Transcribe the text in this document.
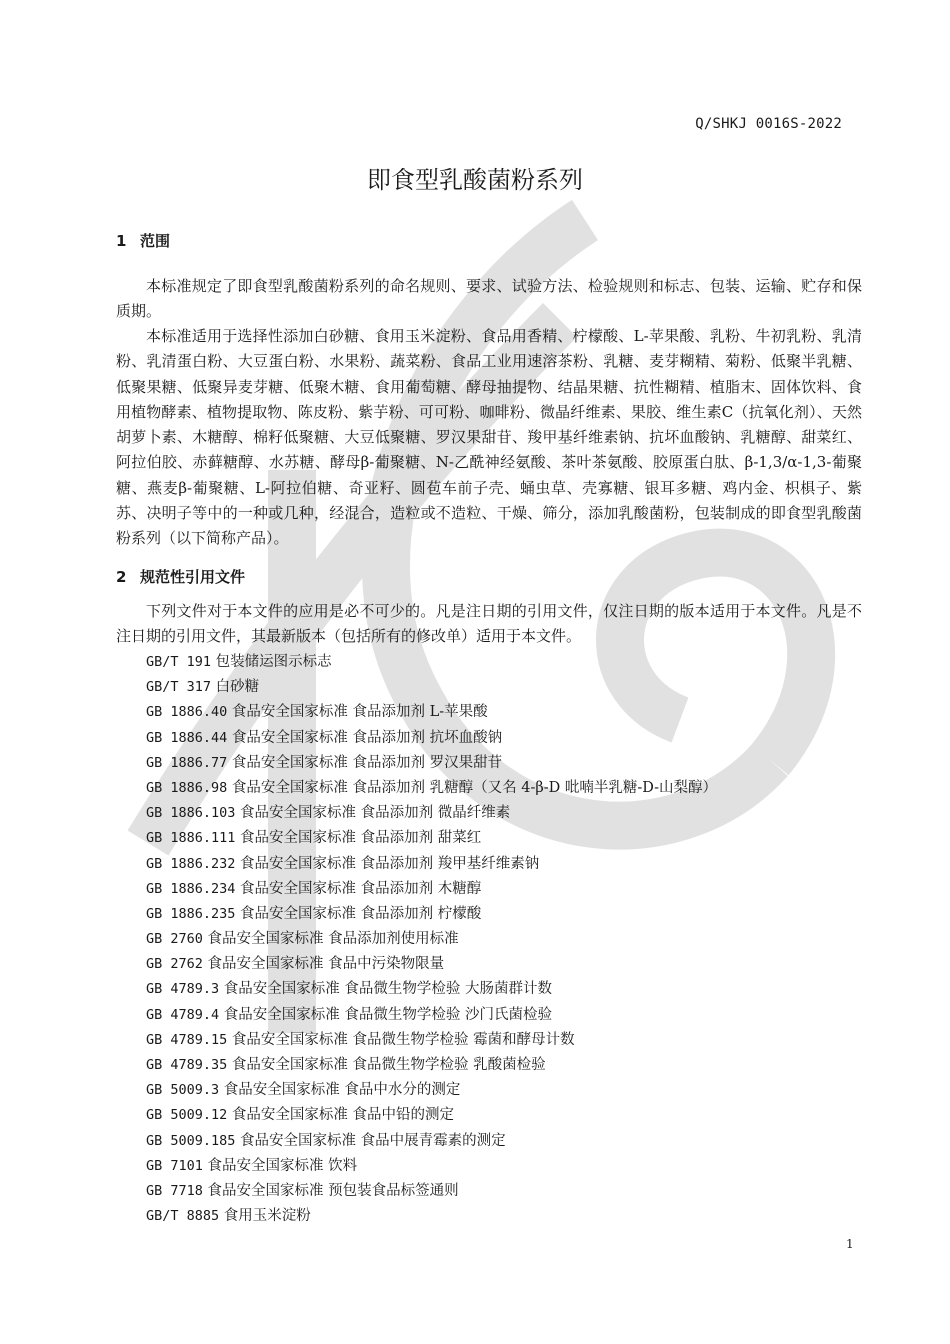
Q/SHKJ 0016S-2022
即食型乳酸菌粉系列
1 范围

本标准规定了即食型乳酸菌粉系列的命名规则、要求、试验方法、检验规则和标志、包装、运输、贮存和保质期。

本标准适用于选择性添加白砂糖、食用玉米淀粉、食品用香精、柠檬酸、L-苹果酸、乳粉、牛初乳粉、乳清粉、乳清蛋白粉、大豆蛋白粉、水果粉、蔬菜粉、食品工业用速溶茶粉、乳糖、麦芽糊精、菊粉、低聚半乳糖、低聚果糖、低聚异麦芽糖、低聚木糖、食用葡萄糖、酵母抽提物、结晶果糖、抗性糊精、植脂末、固体饮料、食用植物酵素、植物提取物、陈皮粉、紫芋粉、可可粉、咖啡粉、微晶纤维素、果胶、维生素C（抗氧化剂）、天然胡萝卜素、木糖醇、棉籽低聚糖、大豆低聚糖、罗汉果甜苷、羧甲基纤维素钠、抗坏血酸钠、乳糖醇、甜菜红、阿拉伯胶、赤藓糖醇、水苏糖、酵母β-葡聚糖、N-乙酰神经氨酸、茶叶茶氨酸、胶原蛋白肽、β-1,3/α-1,3-葡聚糖、燕麦β-葡聚糖、L-阿拉伯糖、奇亚籽、圆苞车前子壳、蛹虫草、壳寡糖、银耳多糖、鸡内金、枳椇子、紫苏、决明子等中的一种或几种，经混合，造粒或不造粒、干燥、筛分，添加乳酸菌粉，包装制成的即食型乳酸菌粉系列（以下简称产品）。

2 规范性引用文件

下列文件对于本文件的应用是必不可少的。凡是注日期的引用文件，仅注日期的版本适用于本文件。凡是不注日期的引用文件，其最新版本（包括所有的修改单）适用于本文件。

GB/T 191 包装储运图示标志
GB/T 317 白砂糖
GB 1886.40 食品安全国家标准 食品添加剂 L-苹果酸
GB 1886.44 食品安全国家标准 食品添加剂 抗坏血酸钠
GB 1886.77 食品安全国家标准 食品添加剂 罗汉果甜苷
GB 1886.98 食品安全国家标准 食品添加剂 乳糖醇（又名 4-β-D 吡喃半乳糖-D-山梨醇）
GB 1886.103 食品安全国家标准 食品添加剂 微晶纤维素
GB 1886.111 食品安全国家标准 食品添加剂 甜菜红
GB 1886.232 食品安全国家标准 食品添加剂 羧甲基纤维素钠
GB 1886.234 食品安全国家标准 食品添加剂 木糖醇
GB 1886.235 食品安全国家标准 食品添加剂 柠檬酸
GB 2760 食品安全国家标准 食品添加剂使用标准
GB 2762 食品安全国家标准 食品中污染物限量
GB 4789.3 食品安全国家标准 食品微生物学检验 大肠菌群计数
GB 4789.4 食品安全国家标准 食品微生物学检验 沙门氏菌检验
GB 4789.15 食品安全国家标准 食品微生物学检验 霉菌和酵母计数
GB 4789.35 食品安全国家标准 食品微生物学检验 乳酸菌检验
GB 5009.3 食品安全国家标准 食品中水分的测定
GB 5009.12 食品安全国家标准 食品中铅的测定
GB 5009.185 食品安全国家标准 食品中展青霉素的测定
GB 7101 食品安全国家标准 饮料
GB 7718 食品安全国家标准 预包装食品标签通则
GB/T 8885 食用玉米淀粉
1
